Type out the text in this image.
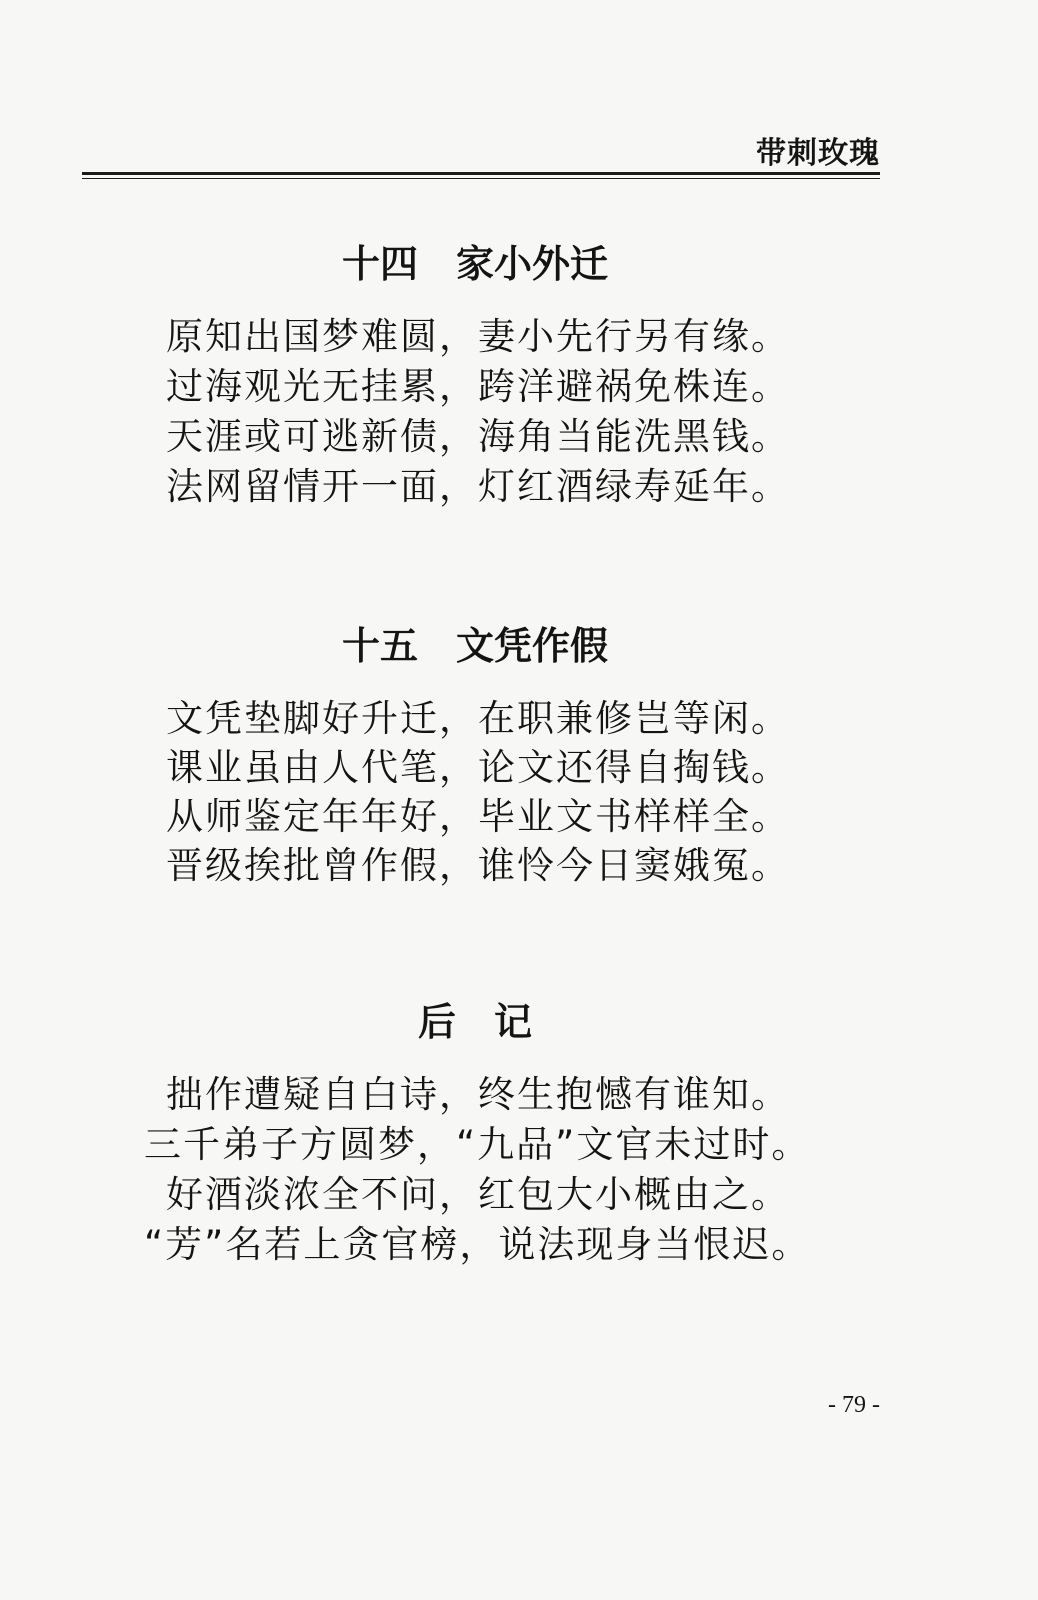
带刺玫瑰
十四　家小外迁
原知出国梦难圆，妻小先行另有缘。
过海观光无挂累，跨洋避祸免株连。
天涯或可逃新债，海角当能洗黑钱。
法网留情开一面，灯红酒绿寿延年。
十五　文凭作假
文凭垫脚好升迁，在职兼修岂等闲。
课业虽由人代笔，论文还得自掏钱。
从师鉴定年年好，毕业文书样样全。
晋级挨批曾作假，谁怜今日窦娥冤。
后　记
拙作遭疑自白诗，终生抱憾有谁知。
三千弟子方圆梦，“九品”文官未过时。
好酒淡浓全不问，红包大小概由之。
“芳”名若上贪官榜，说法现身当恨迟。
- 79 -
